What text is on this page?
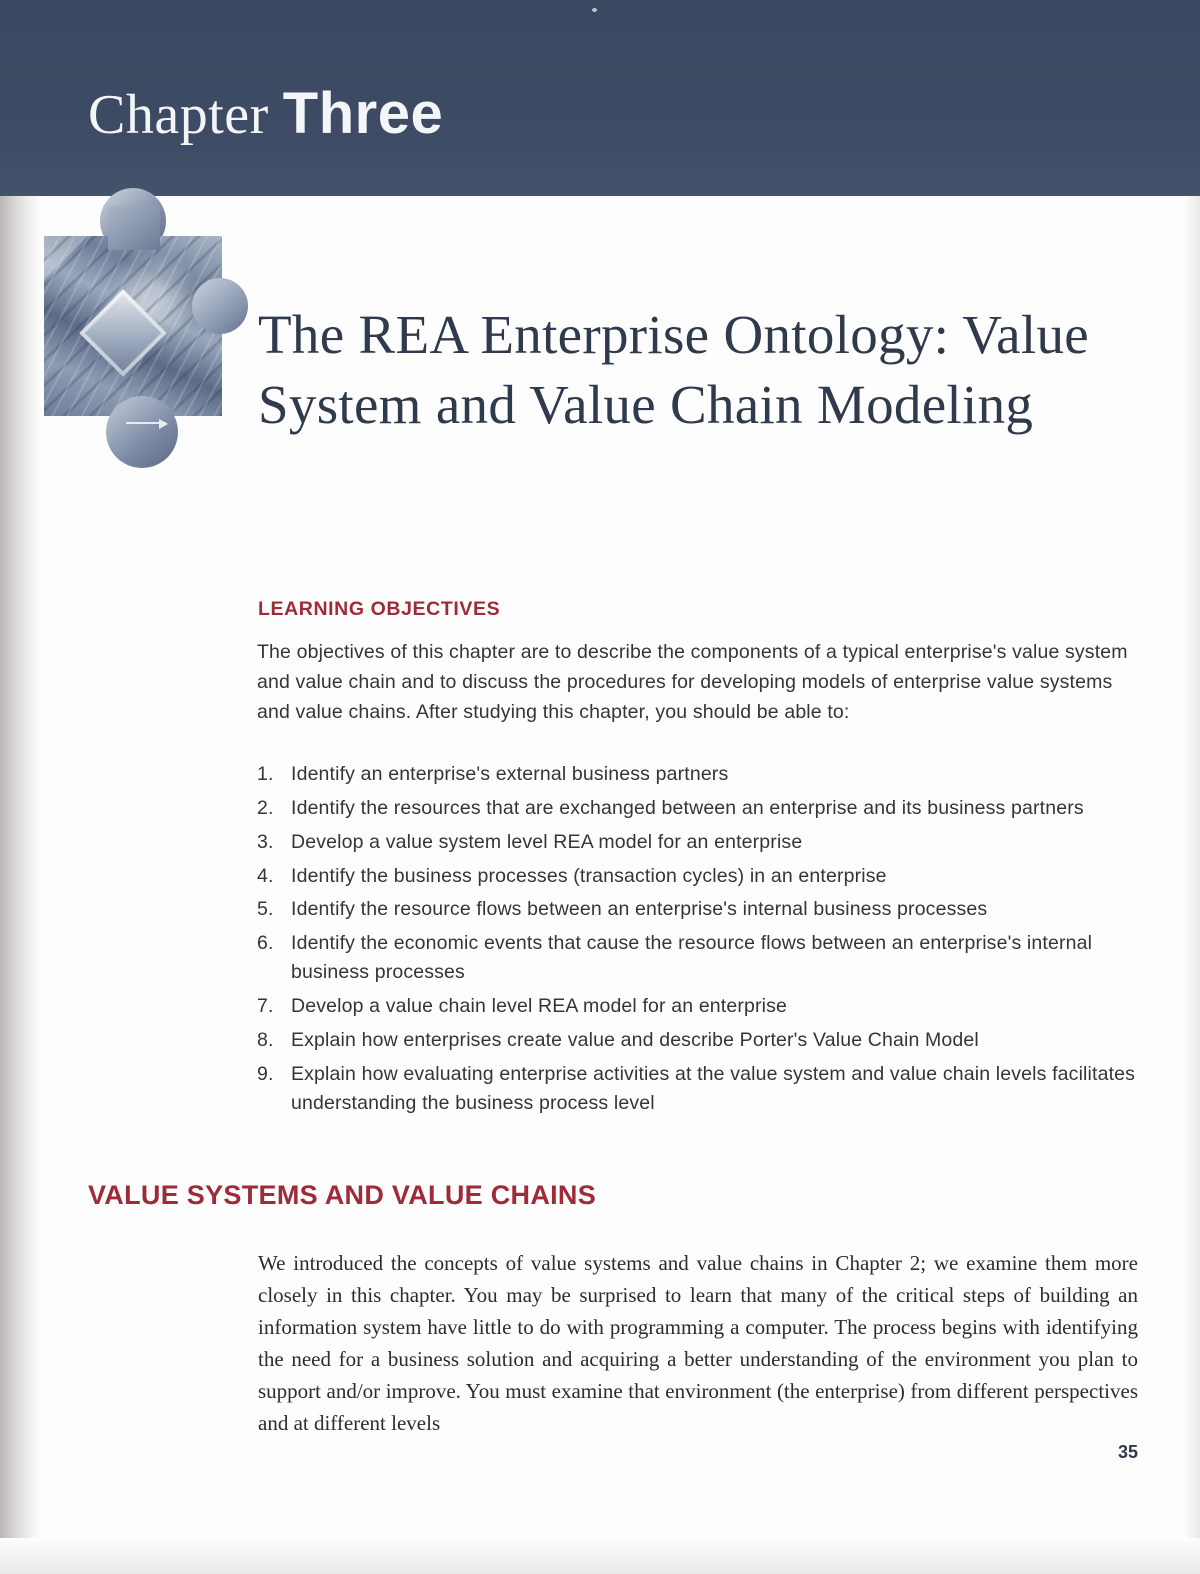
Chapter Three
The REA Enterprise Ontology: Value System and Value Chain Modeling
LEARNING OBJECTIVES
The objectives of this chapter are to describe the components of a typical enterprise's value system and value chain and to discuss the procedures for developing models of enterprise value systems and value chains. After studying this chapter, you should be able to:
1. Identify an enterprise's external business partners
2. Identify the resources that are exchanged between an enterprise and its business partners
3. Develop a value system level REA model for an enterprise
4. Identify the business processes (transaction cycles) in an enterprise
5. Identify the resource flows between an enterprise's internal business processes
6. Identify the economic events that cause the resource flows between an enterprise's internal business processes
7. Develop a value chain level REA model for an enterprise
8. Explain how enterprises create value and describe Porter's Value Chain Model
9. Explain how evaluating enterprise activities at the value system and value chain levels facilitates understanding the business process level
VALUE SYSTEMS AND VALUE CHAINS
We introduced the concepts of value systems and value chains in Chapter 2; we examine them more closely in this chapter. You may be surprised to learn that many of the critical steps of building an information system have little to do with programming a computer. The process begins with identifying the need for a business solution and acquiring a better understanding of the environment you plan to support and/or improve. You must examine that environment (the enterprise) from different perspectives and at different levels
35
